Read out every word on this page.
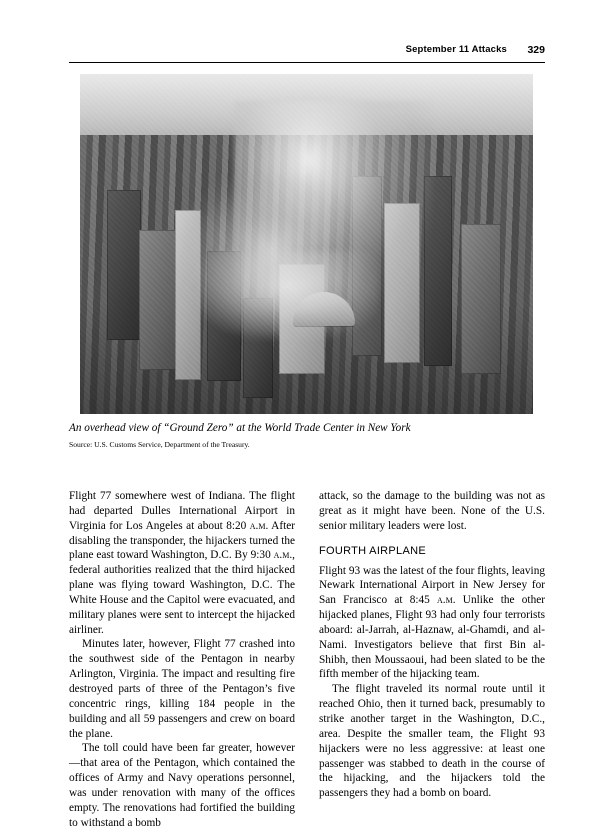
September 11 Attacks 329
An overhead view of “Ground Zero” at the World Trade Center in New York
Source: U.S. Customs Service, Department of the Treasury.

Flight 77 somewhere west of Indiana. The flight had departed Dulles International Airport in Virginia for Los Angeles at about 8:20 a.m. After disabling the transponder, the hijackers turned the plane east toward Washington, D.C. By 9:30 a.m., federal authorities realized that the third hijacked plane was flying toward Washington, D.C. The White House and the Capitol were evacuated, and military planes were sent to intercept the hijacked airliner.

Minutes later, however, Flight 77 crashed into the southwest side of the Pentagon in nearby Arlington, Virginia. The impact and resulting fire destroyed parts of three of the Pentagon’s five concentric rings, killing 184 people in the building and all 59 passengers and crew on board the plane.

The toll could have been far greater, however—that area of the Pentagon, which contained the offices of Army and Navy operations personnel, was under renovation with many of the offices empty. The renovations had fortified the building to withstand a bomb

attack, so the damage to the building was not as great as it might have been. None of the U.S. senior military leaders were lost.

FOURTH AIRPLANE

Flight 93 was the latest of the four flights, leaving Newark International Airport in New Jersey for San Francisco at 8:45 a.m. Unlike the other hijacked planes, Flight 93 had only four terrorists aboard: al-Jarrah, al-Haznaw, al-Ghamdi, and al-Nami. Investigators believe that first Bin al-Shibh, then Moussaoui, had been slated to be the fifth member of the hijacking team.

The flight traveled its normal route until it reached Ohio, then it turned back, presumably to strike another target in the Washington, D.C., area. Despite the smaller team, the Flight 93 hijackers were no less aggressive: at least one passenger was stabbed to death in the course of the hijacking, and the hijackers told the passengers they had a bomb on board.
